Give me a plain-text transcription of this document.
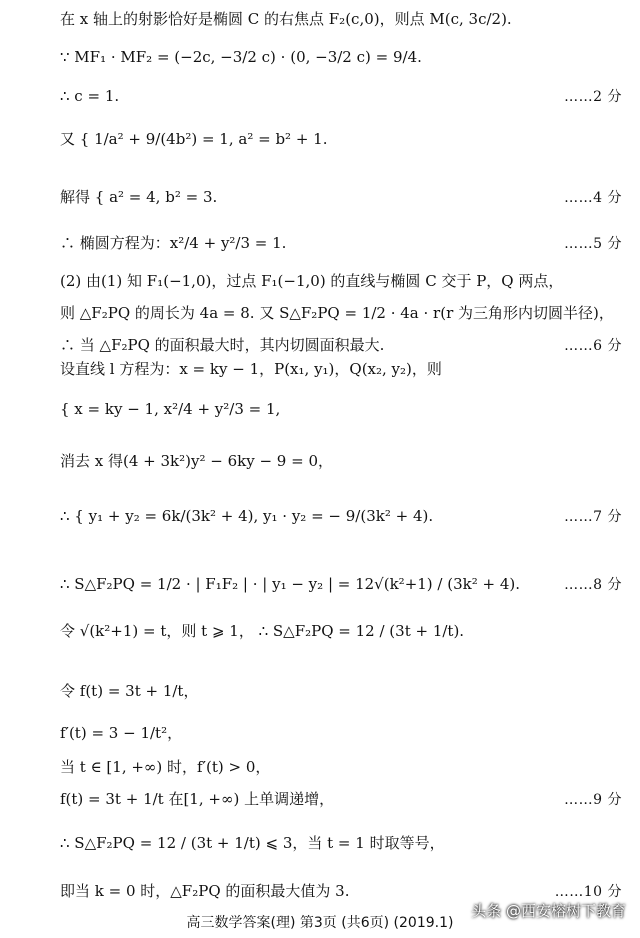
在 x 轴上的射影恰好是椭圆 C 的右焦点 F₂(c,0)，则点 M(c, 3c/2).
∵ MF₁ · MF₂ = (−2c, −3/2 c) · (0, −3/2 c) = 9/4.
∴ c = 1.	……2 分
又 { 1/a² + 9/(4b²) = 1, a² = b² + 1.
解得 { a² = 4, b² = 3.	……4 分
∴ 椭圆方程为：x²/4 + y²/3 = 1.	……5 分
(2) 由(1) 知 F₁(−1,0)，过点 F₁(−1,0) 的直线与椭圆 C 交于 P，Q 两点，
则 △F₂PQ 的周长为 4a = 8. 又 S△F₂PQ = 1/2 · 4a · r(r 为三角形内切圆半径)，
∴ 当 △F₂PQ 的面积最大时，其内切圆面积最大.	……6 分
设直线 l 方程为：x = ky − 1，P(x₁, y₁)，Q(x₂, y₂)，则
{ x = ky − 1, x²/4 + y²/3 = 1,
消去 x 得(4 + 3k²)y² − 6ky − 9 = 0，
∴ { y₁ + y₂ = 6k/(3k² + 4), y₁ · y₂ = − 9/(3k² + 4).	……7 分
∴ S△F₂PQ = 1/2 · | F₁F₂ | · | y₁ − y₂ | = 12√(k²+1) / (3k² + 4).	……8 分
令 √(k²+1) = t，则 t ⩾ 1， ∴ S△F₂PQ = 12 / (3t + 1/t).
令 f(t) = 3t + 1/t，
f′(t) = 3 − 1/t²，
当 t ∈ [1, +∞) 时，f′(t) > 0，
f(t) = 3t + 1/t 在[1, +∞) 上单调递增，	……9 分
∴ S△F₂PQ = 12 / (3t + 1/t) ⩽ 3，当 t = 1 时取等号，
即当 k = 0 时，△F₂PQ 的面积最大值为 3.	……10 分
高三数学答案(理) 第3页 (共6页) (2019.1)
头条 @西安榕树下教育
